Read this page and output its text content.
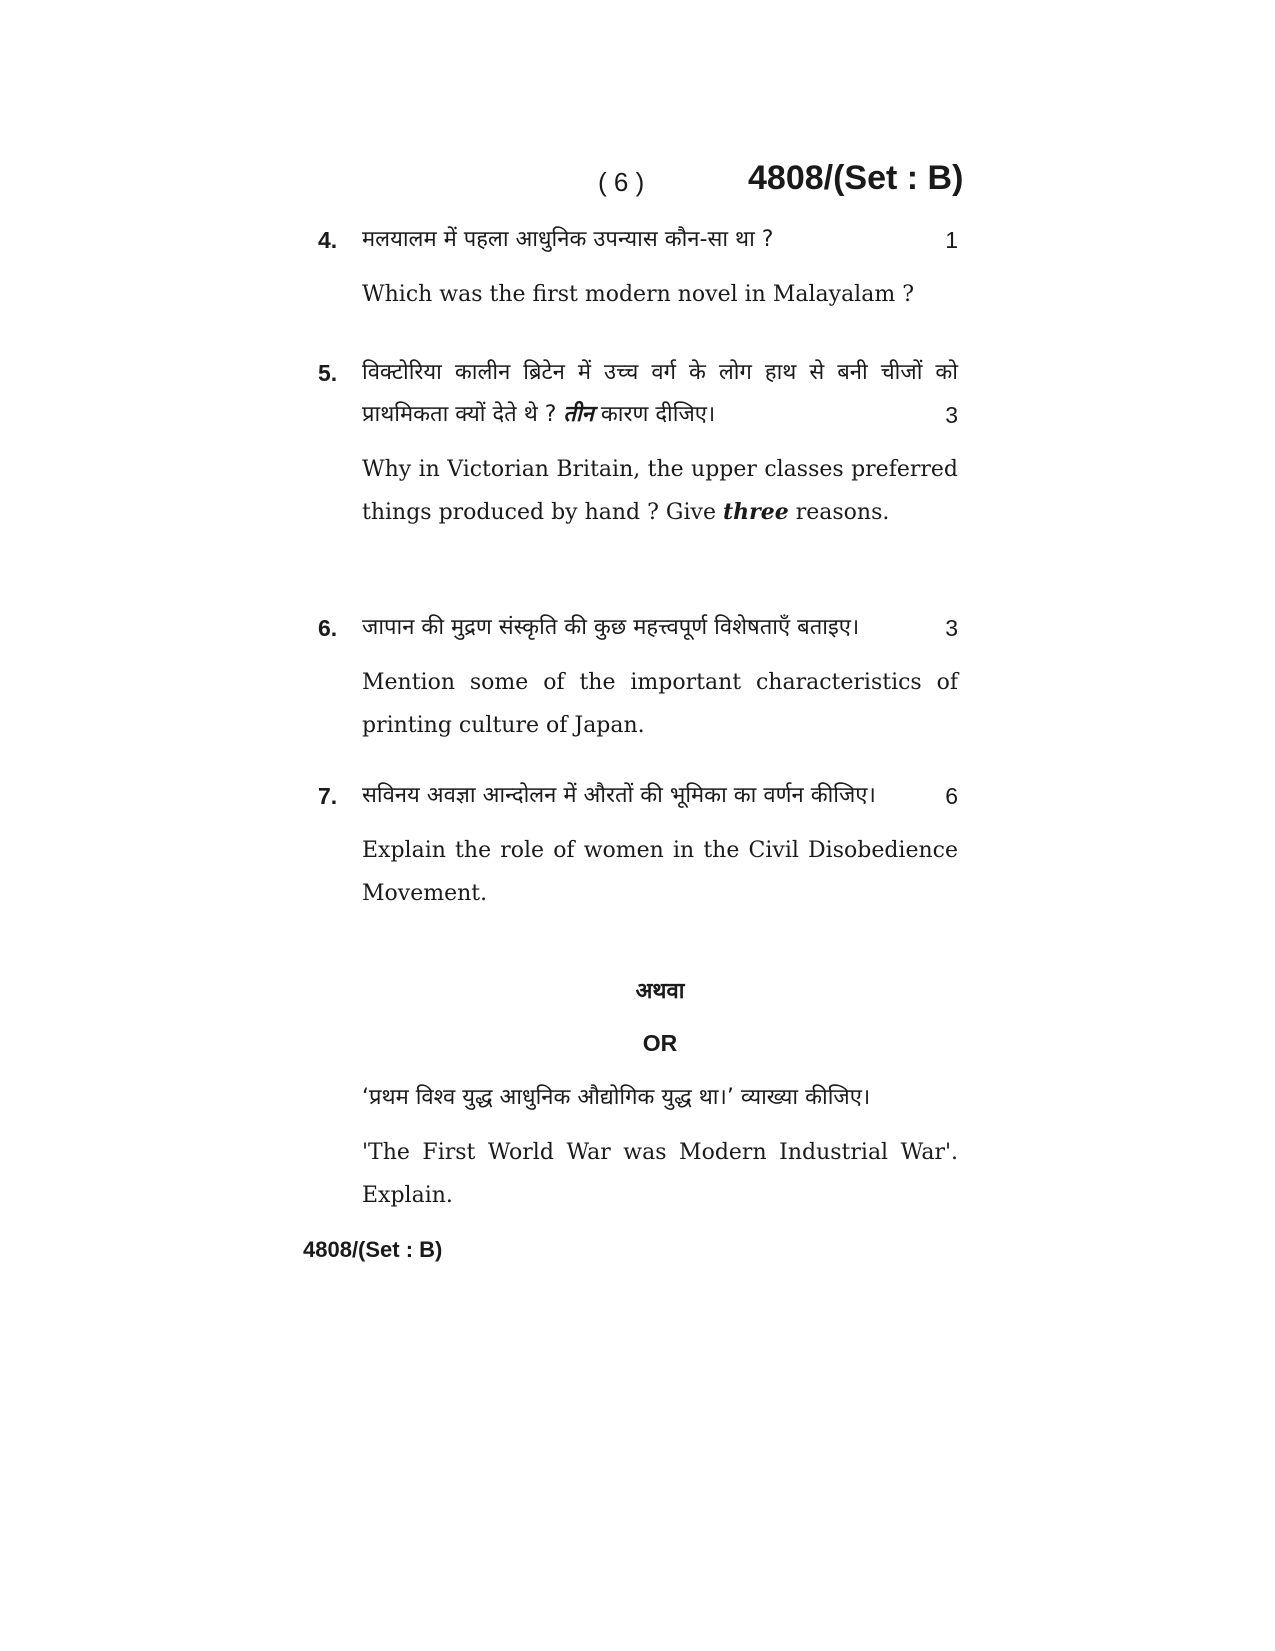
( 6 )	4808/(Set : B)
4. मलयालम में पहला आधुनिक उपन्यास कौन-सा था ?	1
Which was the first modern novel in Malayalam ?
5. विक्टोरिया कालीन ब्रिटेन में उच्च वर्ग के लोग हाथ से बनी चीजों को प्राथमिकता क्यों देते थे ? तीन कारण दीजिए।	3
Why in Victorian Britain, the upper classes preferred things produced by hand ? Give three reasons.
6. जापान की मुद्रण संस्कृति की कुछ महत्त्वपूर्ण विशेषताएँ बताइए।	3
Mention some of the important characteristics of printing culture of Japan.
7. सविनय अवज्ञा आन्दोलन में औरतों की भूमिका का वर्णन कीजिए।	6
Explain the role of women in the Civil Disobedience Movement.
अथवा
OR
‘प्रथम विश्व युद्ध आधुनिक औद्योगिक युद्ध था।’ व्याख्या कीजिए।
'The First World War was Modern Industrial War'. Explain.
4808/(Set : B)
